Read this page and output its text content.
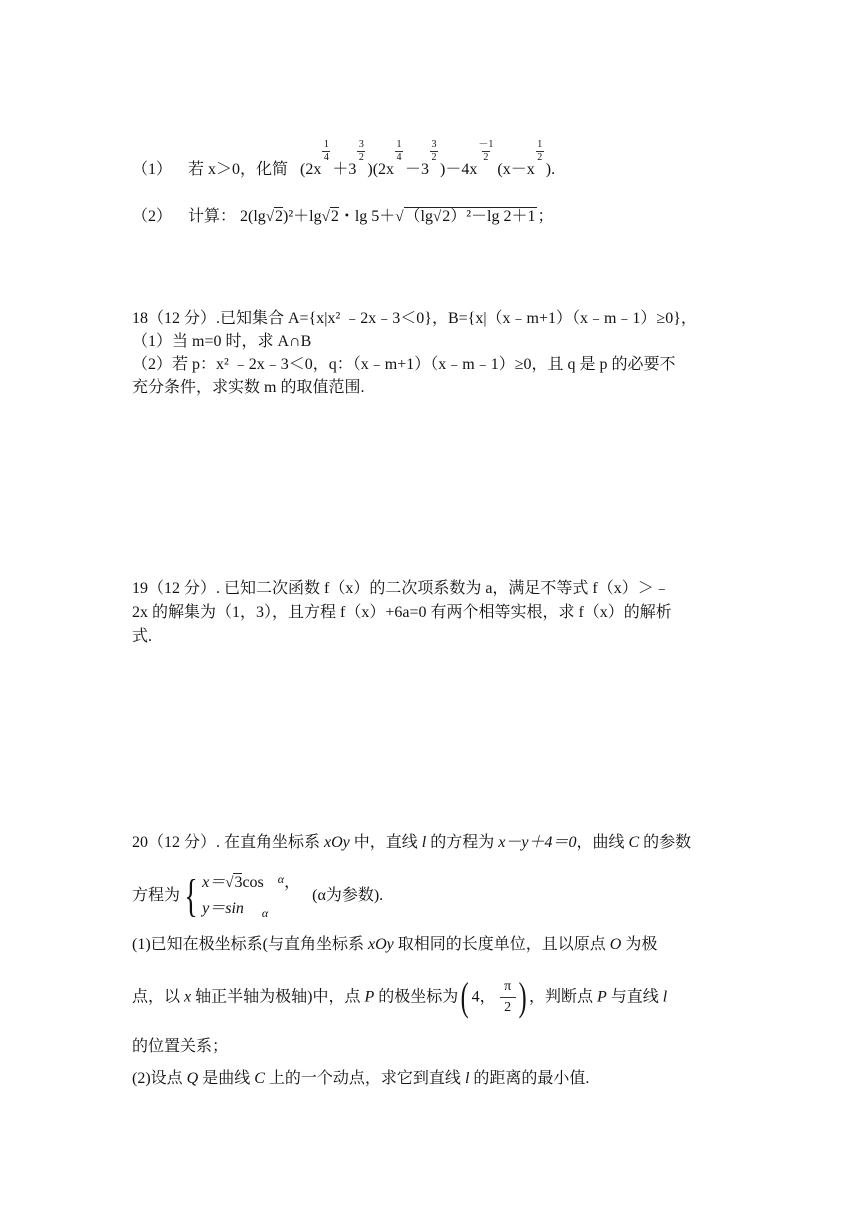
（1） 若 x＞0，化简 (2x
$^{\frac{1}{4}}$
＋3
$^{\frac{3}{2}}$
)(2x
$^{\frac{1}{4}}$
－3
$^{\frac{3}{2}}$
)－4x
$^{\frac{-1}{2}}$
(x－x
$^{\frac{1}{2}}$
).
（2） 计算： 2(lg√2)²＋lg√2・lg 5＋√（lg√2）²－lg 2＋1 ；
18（12 分）.已知集合 A={x|x² ﹣2x﹣3＜0}，B={x|（x﹣m+1）（x﹣m﹣1）≥0}，
（1）当 m=0 时，求 A∩B
（2）若 p：x² ﹣2x﹣3＜0，q：（x﹣m+1）（x﹣m﹣1）≥0，且 q 是 p 的必要不
充分条件，求实数 m 的取值范围.
19（12 分）. 已知二次函数 f（x）的二次项系数为 a，满足不等式 f（x）＞﹣
2x 的解集为（1，3），且方程 f（x）+6a=0 有两个相等实根，求 f（x）的解析
式.
20（12 分）. 在直角坐标系 xOy 中，直线 l 的方程为 x－y＋4＝0，曲线 C 的参数
方程为{ x＝√3cos $^\alpha$，
y＝sin $_\alpha$
(α为参数).
(1)已知在极坐标系(与直角坐标系 xOy 取相同的长度单位，且以原点 O 为极
点，以 x 轴正半轴为极轴)中，点 P 的极坐标为( 4， $\frac{\pi}{2}$ ) ，判断点 P 与直线 l
的位置关系；
(2)设点 Q 是曲线 C 上的一个动点，求它到直线 l 的距离的最小值.
